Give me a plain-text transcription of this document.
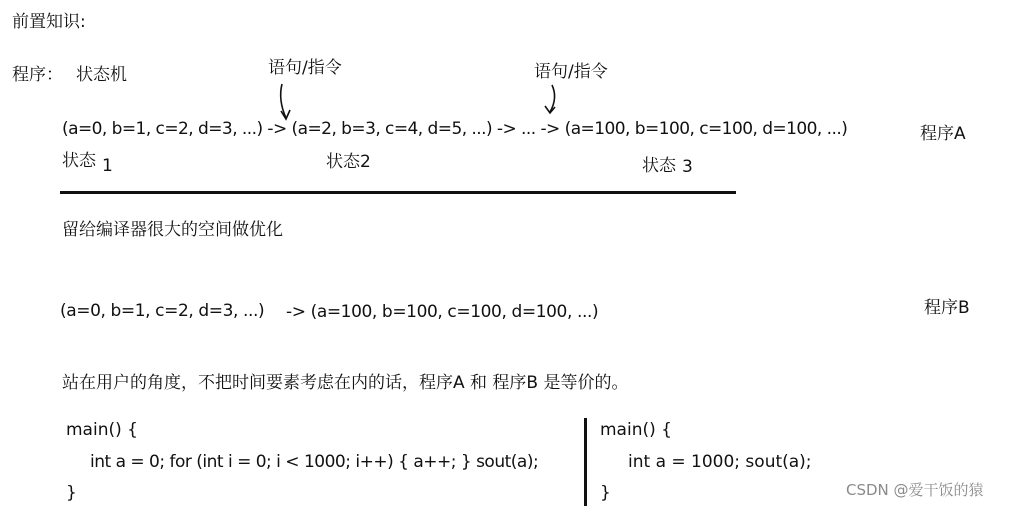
前置知识:
程序： 状态机	语句/指令	语句/指令
(a=0, b=1, c=2, d=3, ...) -> (a=2, b=3, c=4, d=5, ...) -> ... -> (a=100, b=100, c=100, d=100, ...)	程序A
状态 1	状态2	状态 3
留给编译器很大的空间做优化
(a=0, b=1, c=2, d=3, ...) -> (a=100, b=100, c=100, d=100, ...)	程序B
站在用户的角度，不把时间要素考虑在内的话，程序A 和 程序B 是等价的。
main() {
int a = 0; for (int i = 0; i < 1000; i++) { a++; } sout(a);
}
main() {
int a = 1000; sout(a);
}	CSDN @爱干饭的猿
